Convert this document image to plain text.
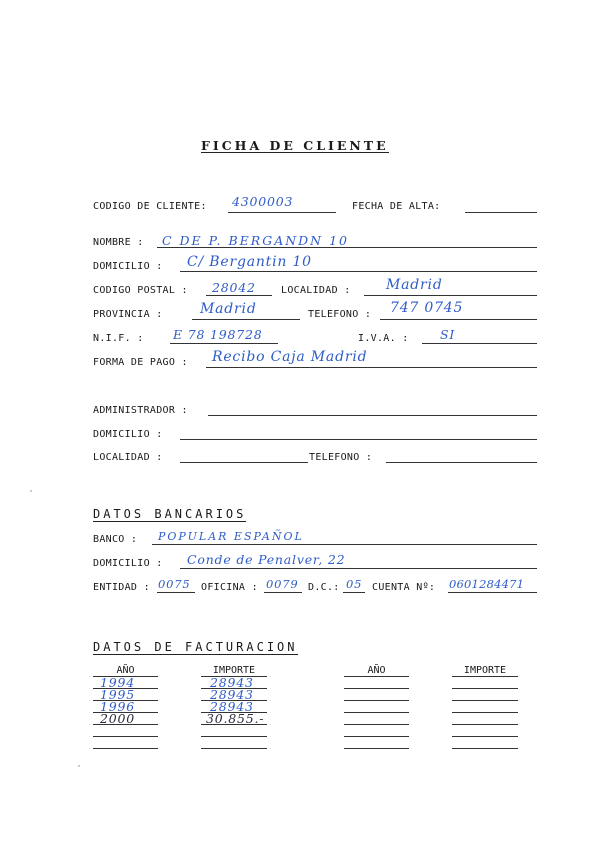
FICHA DE CLIENTE
CODIGO DE CLIENTE: 4300003	FECHA DE ALTA:
NOMBRE : C DE P. BERGANDN 10
DOMICILIO : C/ Bergantin 10
CODIGO POSTAL : 28042	LOCALIDAD :	Madrid
PROVINCIA :	Madrid	TELEFONO : 747 0745
N.I.F. : E 78 198728	I.V.A. :	SI
FORMA DE PAGO : Recibo Caja Madrid
ADMINISTRADOR :
DOMICILIO :
LOCALIDAD :	TELEFONO :
DATOS BANCARIOS
BANCO : POPULAR ESPAÑOL
DOMICILIO : Conde de Penalver, 22
ENTIDAD : 0075 OFICINA : 0079 D.C.: 05 CUENTA Nº: 0601284471
DATOS DE FACTURACION
AÑO	IMPORTE	AÑO	IMPORTE
1994	28943
1995	28943
1996	28943
2000	30.855.-
